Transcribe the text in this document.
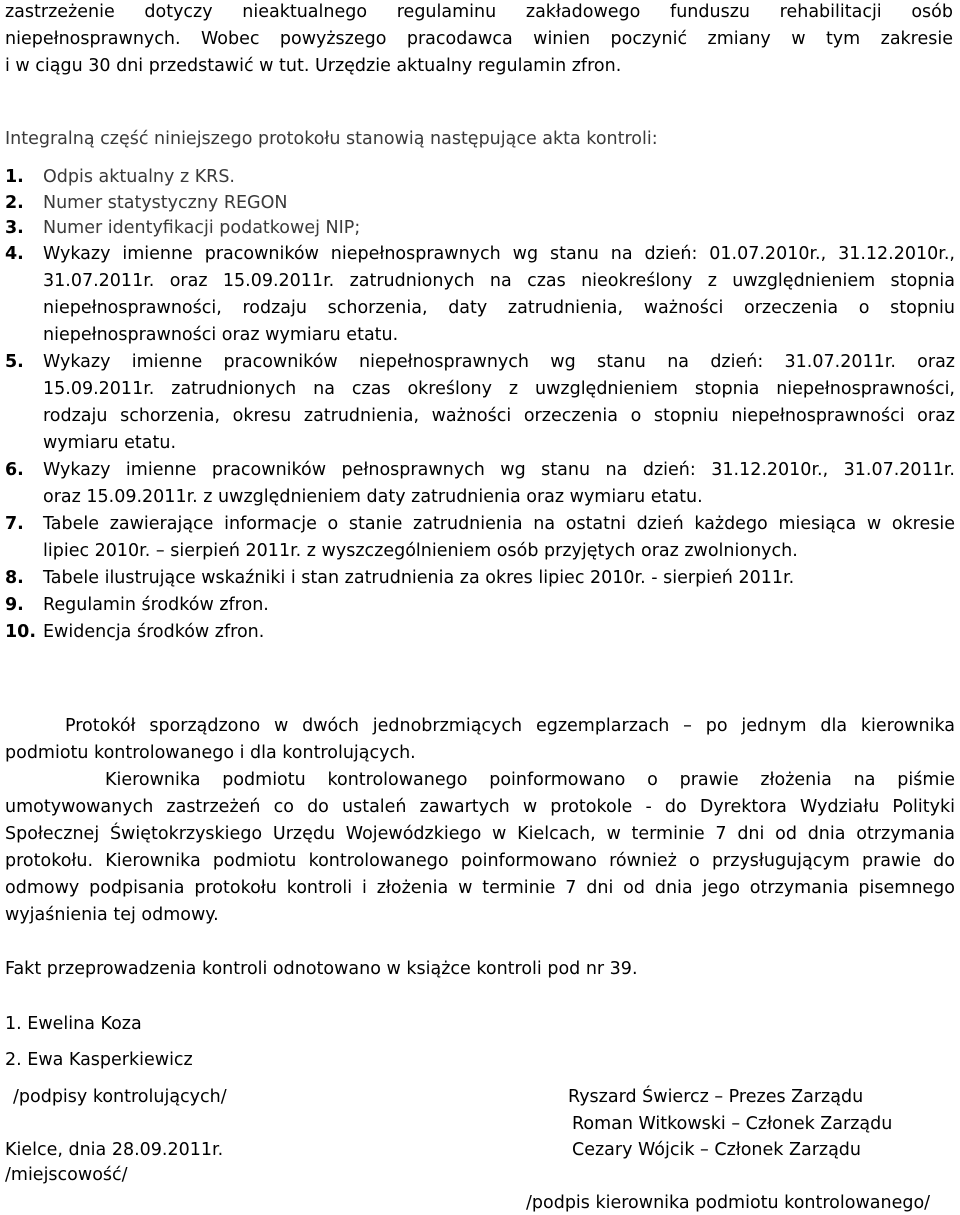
zastrzeżenie dotyczy nieaktualnego regulaminu zakładowego funduszu rehabilitacji osób
niepełnosprawnych. Wobec powyższego pracodawca winien poczynić zmiany w tym zakresie
i w ciągu 30 dni przedstawić w tut. Urzędzie aktualny regulamin zfron.
Integralną część niniejszego protokołu stanowią następujące akta kontroli:
1. Odpis aktualny z KRS.
2. Numer statystyczny REGON
3. Numer identyfikacji podatkowej NIP;
4. Wykazy imienne pracowników niepełnosprawnych wg stanu na dzień: 01.07.2010r., 31.12.2010r.,
31.07.2011r. oraz 15.09.2011r. zatrudnionych na czas nieokreślony z uwzględnieniem stopnia
niepełnosprawności, rodzaju schorzenia, daty zatrudnienia, ważności orzeczenia o stopniu
niepełnosprawności oraz wymiaru etatu.
5. Wykazy imienne pracowników niepełnosprawnych wg stanu na dzień: 31.07.2011r. oraz
15.09.2011r. zatrudnionych na czas określony z uwzględnieniem stopnia niepełnosprawności,
rodzaju schorzenia, okresu zatrudnienia, ważności orzeczenia o stopniu niepełnosprawności oraz
wymiaru etatu.
6. Wykazy imienne pracowników pełnosprawnych wg stanu na dzień: 31.12.2010r., 31.07.2011r.
oraz 15.09.2011r. z uwzględnieniem daty zatrudnienia oraz wymiaru etatu.
7. Tabele zawierające informacje o stanie zatrudnienia na ostatni dzień każdego miesiąca w okresie
lipiec 2010r. – sierpień 2011r. z wyszczególnieniem osób przyjętych oraz zwolnionych.
8. Tabele ilustrujące wskaźniki i stan zatrudnienia za okres lipiec 2010r. - sierpień 2011r.
9. Regulamin środków zfron.
10. Ewidencja środków zfron.
Protokół sporządzono w dwóch jednobrzmiących egzemplarzach – po jednym dla kierownika
podmiotu kontrolowanego i dla kontrolujących.
Kierownika podmiotu kontrolowanego poinformowano o prawie złożenia na piśmie
umotywowanych zastrzeżeń co do ustaleń zawartych w protokole - do Dyrektora Wydziału Polityki
Społecznej Świętokrzyskiego Urzędu Wojewódzkiego w Kielcach, w terminie 7 dni od dnia otrzymania
protokołu. Kierownika podmiotu kontrolowanego poinformowano również o przysługującym prawie do
odmowy podpisania protokołu kontroli i złożenia w terminie 7 dni od dnia jego otrzymania pisemnego
wyjaśnienia tej odmowy.
Fakt przeprowadzenia kontroli odnotowano w książce kontroli pod nr 39.
1. Ewelina Koza
2. Ewa Kasperkiewicz
/podpisy kontrolujących/	Ryszard Świercz – Prezes Zarządu
Roman Witkowski – Członek Zarządu
Cezary Wójcik – Członek Zarządu
Kielce, dnia 28.09.2011r.
/miejscowość/
/podpis kierownika podmiotu kontrolowanego/
